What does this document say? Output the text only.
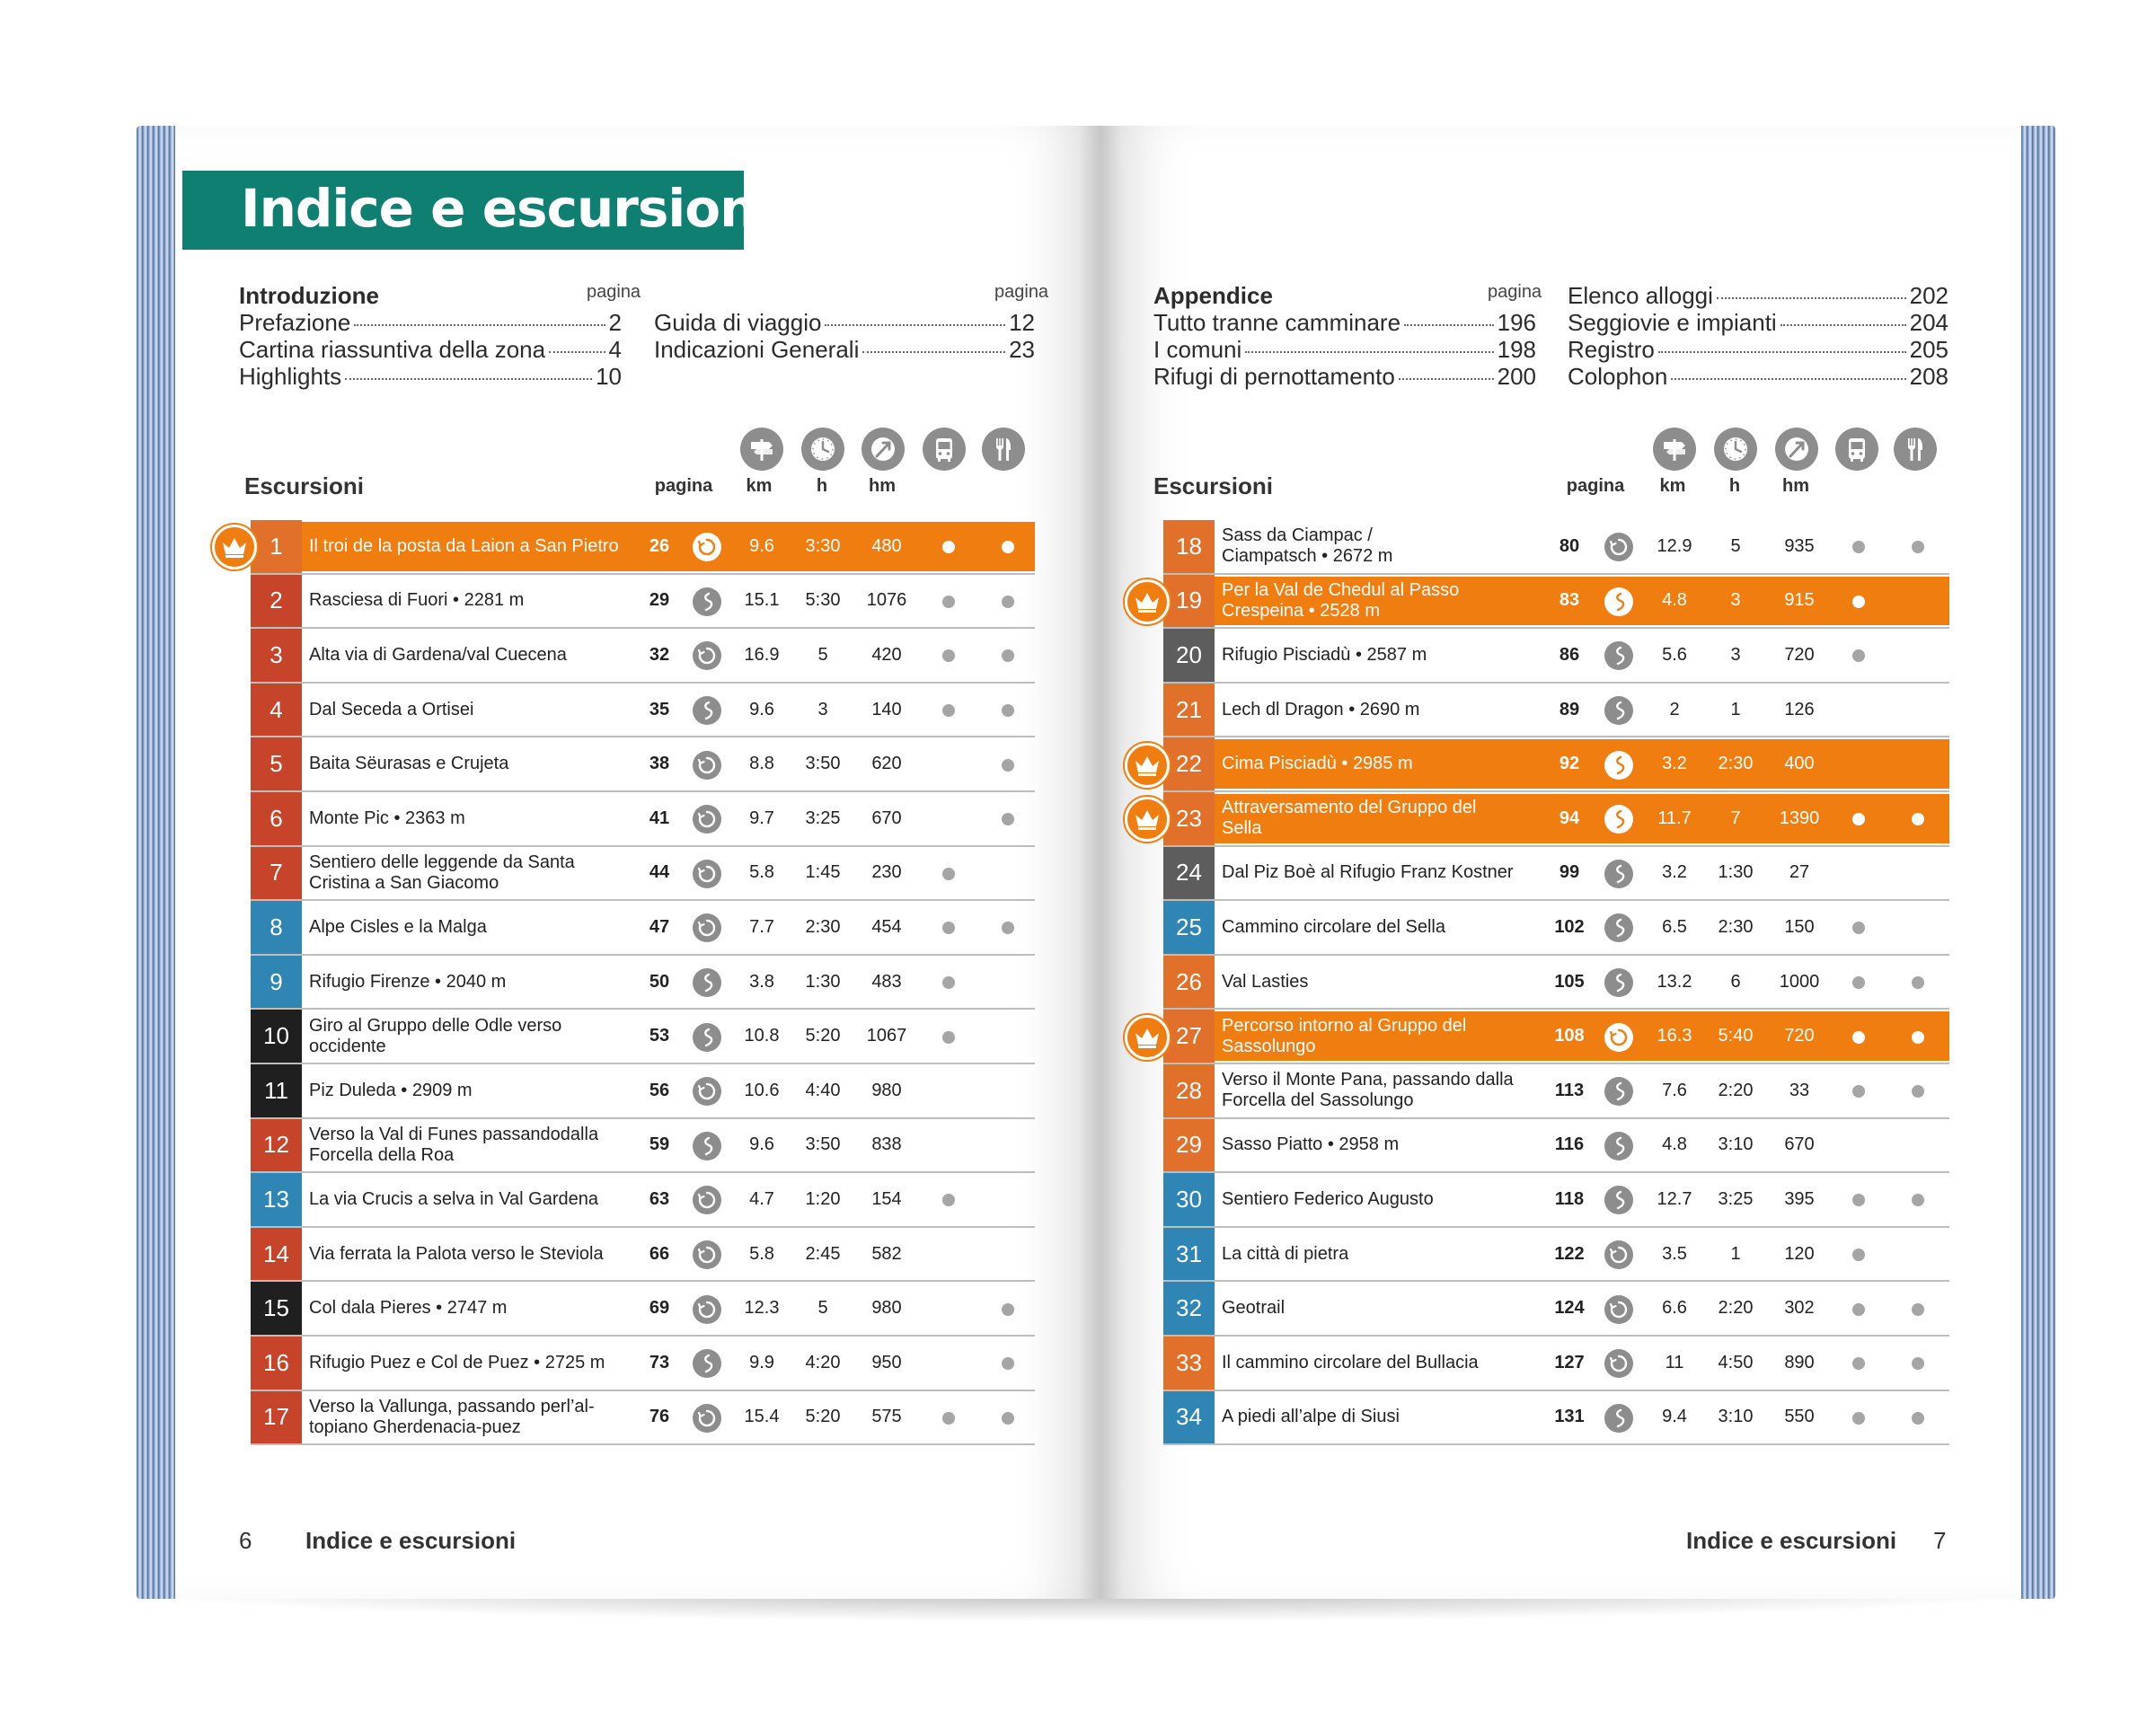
Indice e escursioni
Introduzione	pagina
Prefazione	2
Cartina riassuntiva della zona	4
Highlights	10
pagina
Guida di viaggio	12
Indicazioni Generali	23
Appendice	pagina
Tutto tranne camminare	196
I comuni	198
Rifugi di pernottamento	200
Elenco alloggi	202
Seggiovie e impianti	204
Registro	205
Colophon	208
Escursioni	pagina	km	h	hm	Escursioni	pagina	km	h	hm
1	Il troi de la posta da Laion a San Pietro	26	9.6	3:30	480
2	Rasciesa di Fuori • 2281 m	29	15.1	5:30	1076
3	Alta via di Gardena/val Cuecena	32	16.9	5	420
4	Dal Seceda a Ortisei	35	9.6	3	140
5	Baita Sëurasas e Crujeta	38	8.8	3:50	620
6	Monte Pic • 2363 m	41	9.7	3:25	670
7	Sentiero delle leggende da Santa
Cristina a San Giacomo
44	5.8	1:45	230
8	Alpe Cisles e la Malga	47	7.7	2:30	454
9	Rifugio Firenze • 2040 m	50	3.8	1:30	483
10	Giro al Gruppo delle Odle verso
occidente
53	10.8	5:20	1067
11	Piz Duleda • 2909 m	56	10.6	4:40	980
12	Verso la Val di Funes passandodalla
Forcella della Roa
59	9.6	3:50	838
13	La via Crucis a selva in Val Gardena	63	4.7	1:20	154
14	Via ferrata la Palota verso le Steviola	66	5.8	2:45	582
15	Col dala Pieres • 2747 m	69	12.3	5	980
16	Rifugio Puez e Col de Puez • 2725 m	73	9.9	4:20	950
17	Verso la Vallunga, passando perl’al-
topiano Gherdenacia-puez
76	15.4	5:20	575
18	Sass da Ciampac /
Ciampatsch • 2672 m
80	12.9	5	935
19	Per la Val de Chedul al Passo
Crespeina • 2528 m
83	4.8	3	915
20	Rifugio Pisciadù • 2587 m	86	5.6	3	720
21	Lech dl Dragon • 2690 m	89	2	1	126
22	Cima Pisciadù • 2985 m	92	3.2	2:30	400
23	Attraversamento del Gruppo del
Sella
94	11.7	7	1390
24	Dal Piz Boè al Rifugio Franz Kostner	99	3.2	1:30	27
25	Cammino circolare del Sella	102	6.5	2:30	150
26	Val Lasties	105	13.2	6	1000
27	Percorso intorno al Gruppo del
Sassolungo
108	16.3	5:40	720
28	Verso il Monte Pana, passando dalla
Forcella del Sassolungo
113	7.6	2:20	33
29	Sasso Piatto • 2958 m	116	4.8	3:10	670
30	Sentiero Federico Augusto	118	12.7	3:25	395
31	La città di pietra	122	3.5	1	120
32	Geotrail	124	6.6	2:20	302
33	Il cammino circolare del Bullacia	127	11	4:50	890
34	A piedi all’alpe di Siusi	131	9.4	3:10	550
6 Indice e escursioni	Indice e escursioni 7
